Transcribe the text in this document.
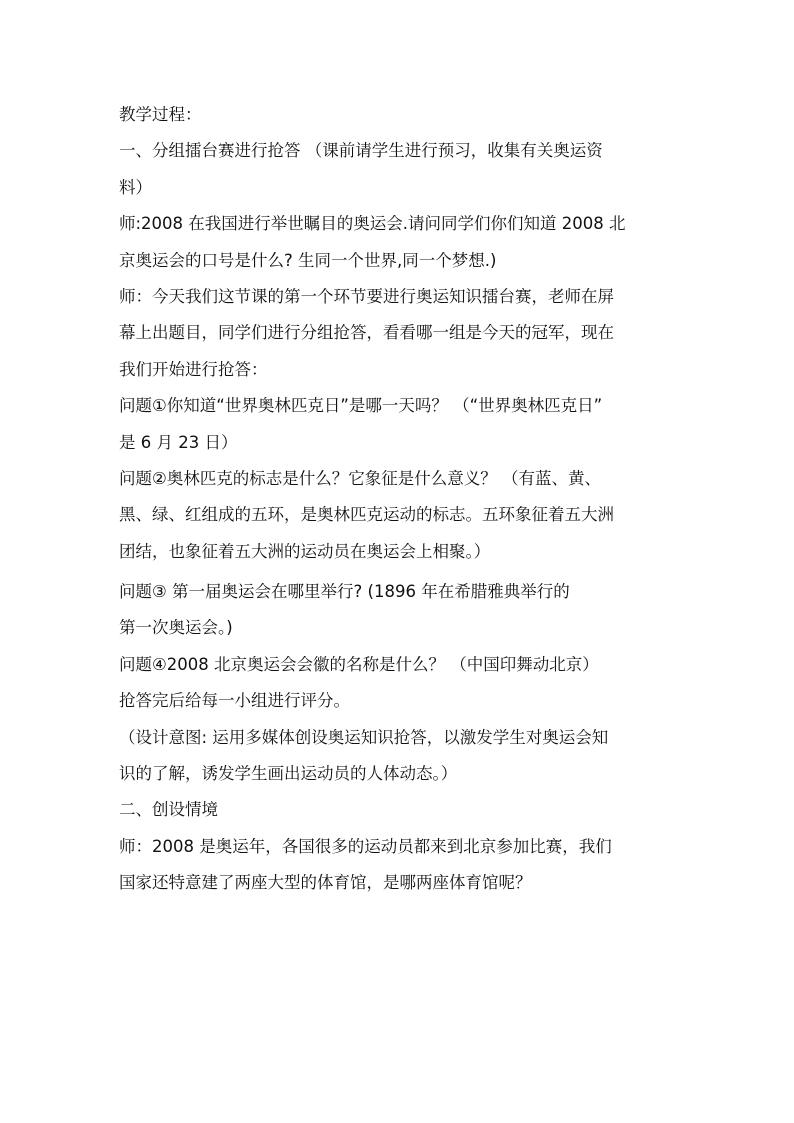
教学过程：
一、分组擂台赛进行抢答 （课前请学生进行预习，收集有关奥运资
料）
师:2008 在我国进行举世瞩目的奥运会.请问同学们你们知道 2008 北
京奥运会的口号是什么? 生同一个世界,同一个梦想.)
师：今天我们这节课的第一个环节要进行奥运知识擂台赛，老师在屏
幕上出题目，同学们进行分组抢答，看看哪一组是今天的冠军，现在
我们开始进行抢答：
问题①你知道“世界奥林匹克日”是哪一天吗？ （“世界奥林匹克日”
是 6 月 23 日）
问题②奥林匹克的标志是什么？它象征是什么意义？ （有蓝、黄、
黑、绿、红组成的五环，是奥林匹克运动的标志。五环象征着五大洲
团结，也象征着五大洲的运动员在奥运会上相聚。）
问题③ 第一届奥运会在哪里举行? (1896 年在希腊雅典举行的
第一次奥运会。)
问题④2008 北京奥运会会徽的名称是什么？ （中国印舞动北京）
抢答完后给每一小组进行评分。
（设计意图: 运用多媒体创设奥运知识抢答，以激发学生对奥运会知
识的了解，诱发学生画出运动员的人体动态。）
二、创设情境
师：2008 是奥运年，各国很多的运动员都来到北京参加比赛，我们
国家还特意建了两座大型的体育馆，是哪两座体育馆呢？
